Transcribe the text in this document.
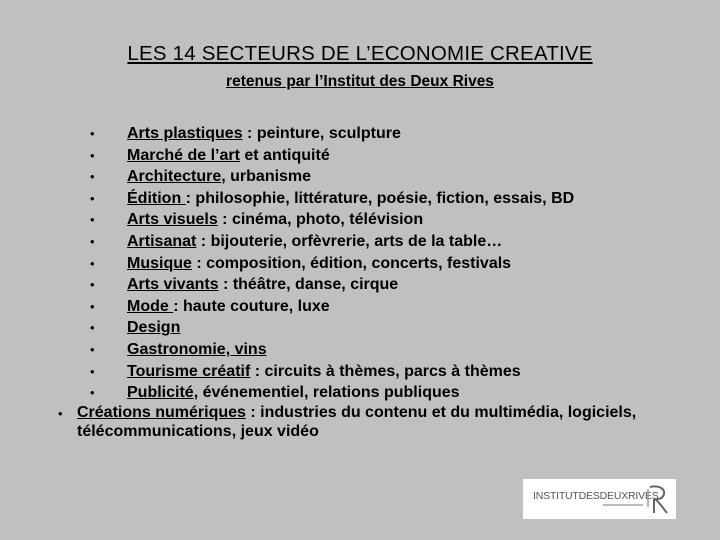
LES 14 SECTEURS DE L’ECONOMIE CREATIVE
retenus par l’Institut des Deux Rives
• Arts plastiques : peinture, sculpture
• Marché de l’art et antiquité
• Architecture, urbanisme
• Édition : philosophie, littérature, poésie, fiction, essais, BD
• Arts visuels : cinéma, photo, télévision
• Artisanat : bijouterie, orfèvrerie, arts de la table…
• Musique : composition, édition, concerts, festivals
• Arts vivants : théâtre, danse, cirque
• Mode : haute couture, luxe
• Design
• Gastronomie, vins
• Tourisme créatif : circuits à thèmes, parcs à thèmes
• Publicité, événementiel, relations publiques
• Créations numériques : industries du contenu et du multimédia, logiciels, télécommunications, jeux vidéo
INSTITUTDESDEUXRIVES
